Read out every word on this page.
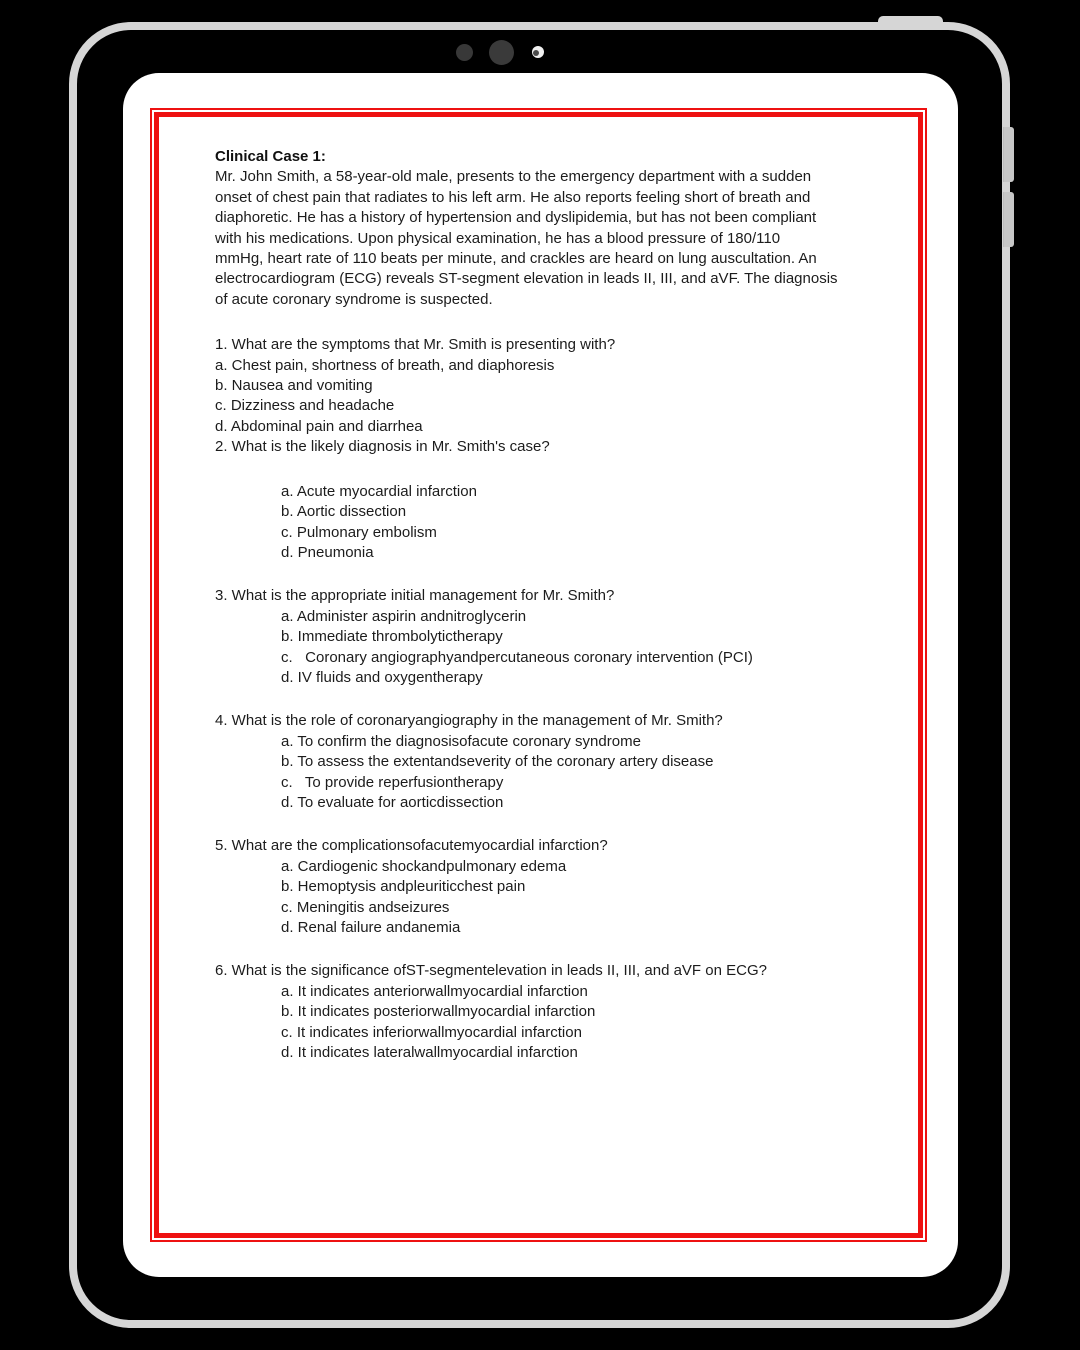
Clinical Case 1:
Mr. John Smith, a 58-year-old male, presents to the emergency department with a sudden
onset of chest pain that radiates to his left arm. He also reports feeling short of breath and
diaphoretic. He has a history of hypertension and dyslipidemia, but has not been compliant
with his medications. Upon physical examination, he has a blood pressure of 180/110
mmHg, heart rate of 110 beats per minute, and crackles are heard on lung auscultation. An
electrocardiogram (ECG) reveals ST-segment elevation in leads II, III, and aVF. The diagnosis
of acute coronary syndrome is suspected.
1. What are the symptoms that Mr. Smith is presenting with?
a. Chest pain, shortness of breath, and diaphoresis
b. Nausea and vomiting
c. Dizziness and headache
d. Abdominal pain and diarrhea
2. What is the likely diagnosis in Mr. Smith's case?
a. Acute myocardial infarction
b. Aortic dissection
c. Pulmonary embolism
d. Pneumonia
3. What is the appropriate initial management for Mr. Smith?
a. Administer aspirin andnitroglycerin
b. Immediate thrombolytictherapy
c.   Coronary angiographyandpercutaneous coronary intervention (PCI)
d. IV fluids and oxygentherapy
4. What is the role of coronaryangiography in the management of Mr. Smith?
a. To confirm the diagnosisofacute coronary syndrome
b. To assess the extentandseverity of the coronary artery disease
c.   To provide reperfusiontherapy
d. To evaluate for aorticdissection
5. What are the complicationsofacutemyocardial infarction?
a. Cardiogenic shockandpulmonary edema
b. Hemoptysis andpleuriticchest pain
c. Meningitis andseizures
d. Renal failure andanemia
6. What is the significance ofST-segmentelevation in leads II, III, and aVF on ECG?
a. It indicates anteriorwallmyocardial infarction
b. It indicates posteriorwallmyocardial infarction
c. It indicates inferiorwallmyocardial infarction
d. It indicates lateralwallmyocardial infarction
